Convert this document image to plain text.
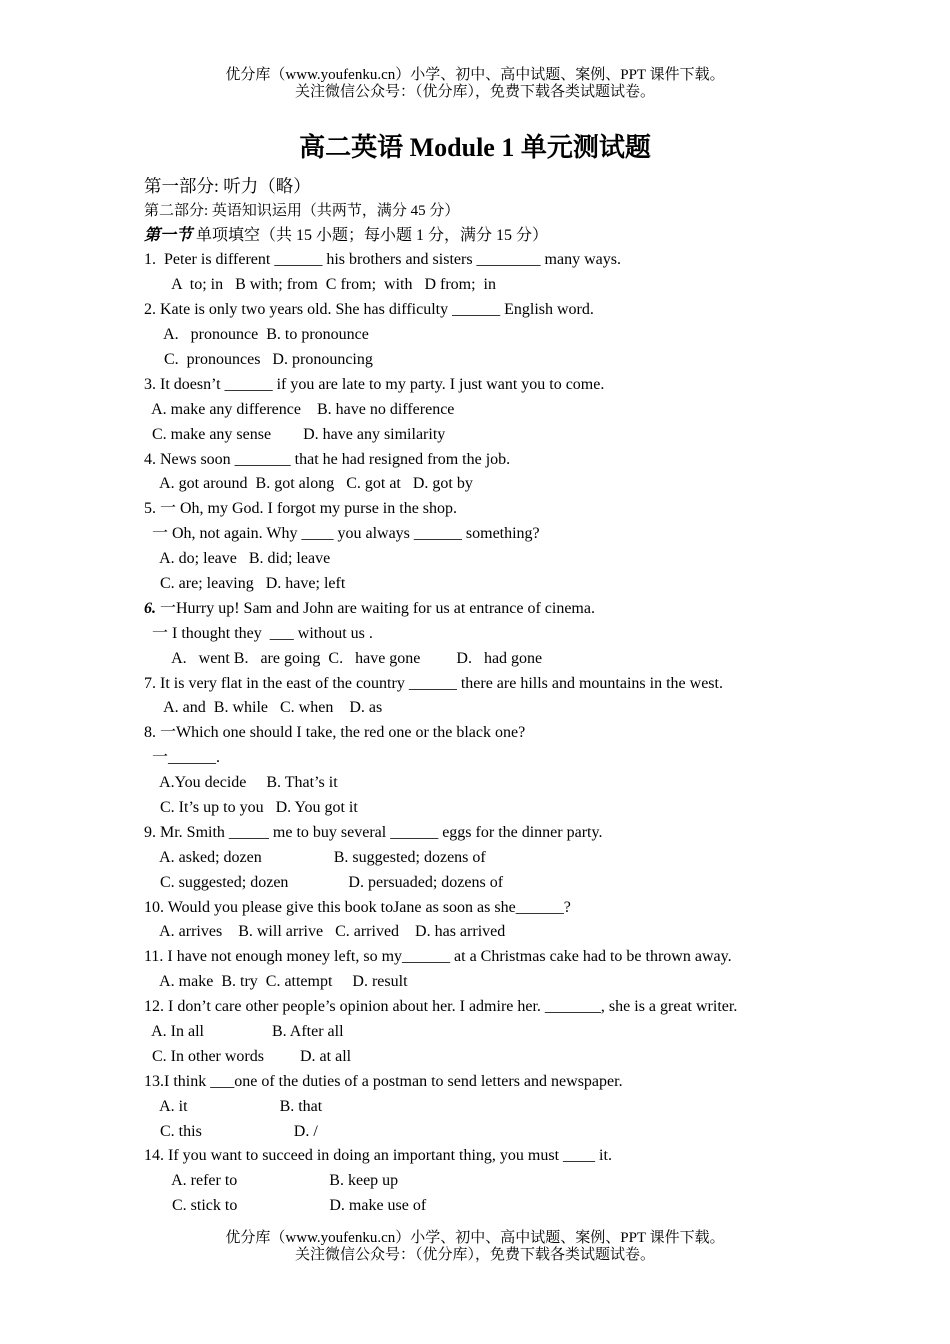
优分库（www.youfenku.cn）小学、初中、高中试题、案例、PPT 课件下载。
关注微信公众号：（优分库），免费下载各类试题试卷。
高二英语 Module 1 单元测试题
第一部分: 听力（略）
第二部分: 英语知识运用（共两节，满分 45 分）
第一节 单项填空（共 15 小题；每小题 1 分，满分 15 分）
1.  Peter is different ______ his brothers and sisters ________ many ways.
A  to; in   B with; from  C from;  with   D from;  in
2. Kate is only two years old. She has difficulty ______ English word.
A.   pronounce  B. to pronounce
C.  pronounces   D. pronouncing
3. It doesn’t ______ if you are late to my party. I just want you to come.
A. make any difference    B. have no difference
C. make any sense        D. have any similarity
4. News soon _______ that he had resigned from the job.
A. got around  B. got along   C. got at   D. got by
5. 一 Oh, my God. I forgot my purse in the shop.
一 Oh, not again. Why ____ you always ______ something?
A. do; leave   B. did; leave
C. are; leaving   D. have; left
6. 一Hurry up! Sam and John are waiting for us at entrance of cinema.
一 I thought they  ___ without us .
A.   went B.   are going  C.   have gone         D.   had gone
7. It is very flat in the east of the country ______ there are hills and mountains in the west.
A. and  B. while   C. when    D. as
8. 一Which one should I take, the red one or the black one?
一______.
A.You decide     B. That’s it
C. It’s up to you   D. You got it
9. Mr. Smith _____ me to buy several ______ eggs for the dinner party.
A. asked; dozen                  B. suggested; dozens of
C. suggested; dozen               D. persuaded; dozens of
10. Would you please give this book toJane as soon as she______?
A. arrives    B. will arrive   C. arrived    D. has arrived
11. I have not enough money left, so my______ at a Christmas cake had to be thrown away.
A. make  B. try  C. attempt     D. result
12. I don’t care other people’s opinion about her. I admire her. _______, she is a great writer.
A. In all                 B. After all
C. In other words         D. at all
13.I think ___one of the duties of a postman to send letters and newspaper.
A. it                       B. that
C. this                       D. /
14. If you want to succeed in doing an important thing, you must ____ it.
A. refer to                       B. keep up
C. stick to                       D. make use of
优分库（www.youfenku.cn）小学、初中、高中试题、案例、PPT 课件下载。
关注微信公众号：（优分库），免费下载各类试题试卷。
